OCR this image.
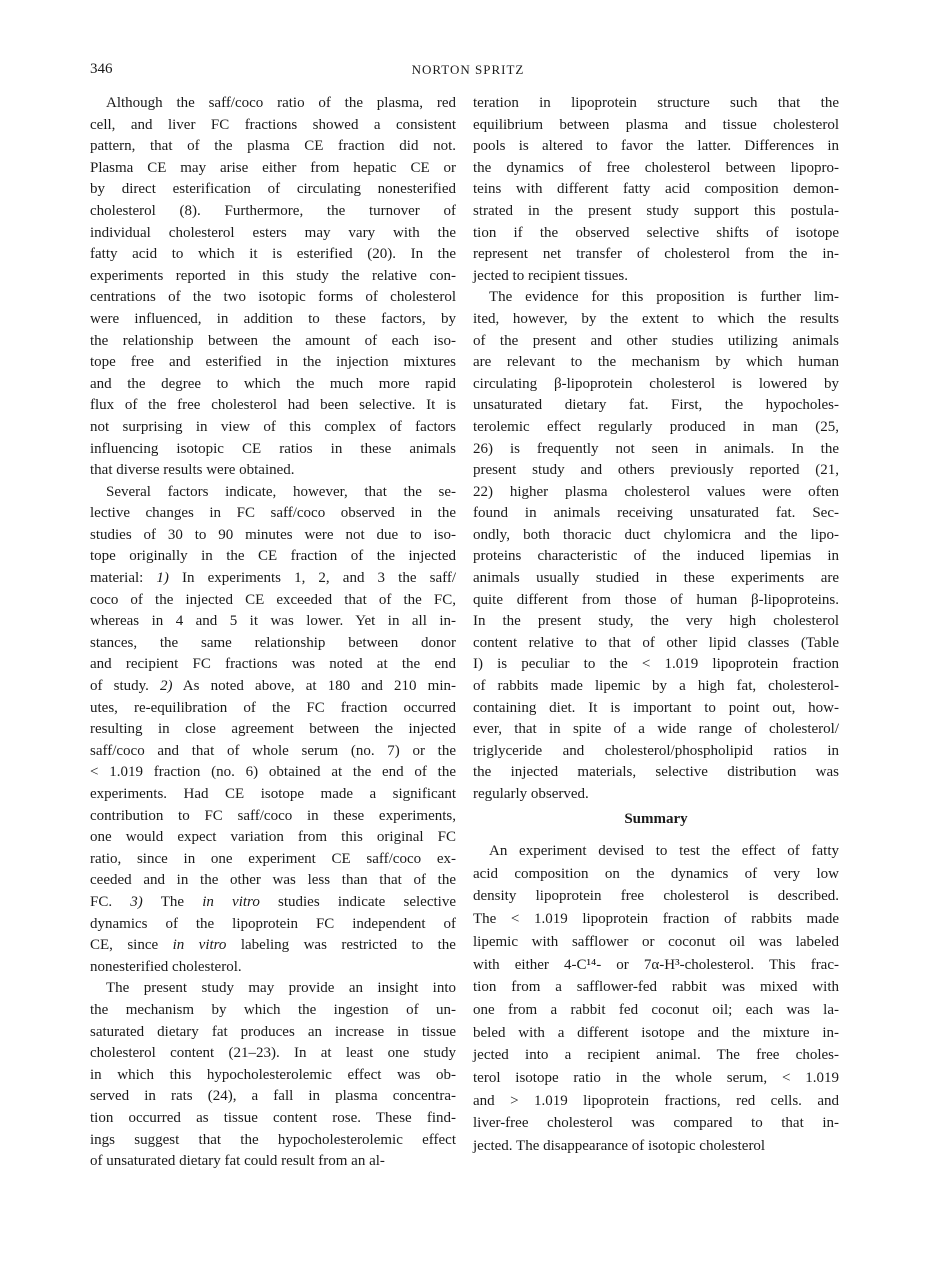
346	NORTON SPRITZ
Although the saff/coco ratio of the plasma, red
cell, and liver FC fractions showed a consistent
pattern, that of the plasma CE fraction did not.
Plasma CE may arise either from hepatic CE or
by direct esterification of circulating nonesterified
cholesterol (8). Furthermore, the turnover of
individual cholesterol esters may vary with the
fatty acid to which it is esterified (20). In the
experiments reported in this study the relative con-
centrations of the two isotopic forms of cholesterol
were influenced, in addition to these factors, by
the relationship between the amount of each iso-
tope free and esterified in the injection mixtures
and the degree to which the much more rapid
flux of the free cholesterol had been selective. It is
not surprising in view of this complex of factors
influencing isotopic CE ratios in these animals
that diverse results were obtained.
Several factors indicate, however, that the se-
lective changes in FC saff/coco observed in the
studies of 30 to 90 minutes were not due to iso-
tope originally in the CE fraction of the injected
material: 1) In experiments 1, 2, and 3 the saff/
coco of the injected CE exceeded that of the FC,
whereas in 4 and 5 it was lower. Yet in all in-
stances, the same relationship between donor
and recipient FC fractions was noted at the end
of study. 2) As noted above, at 180 and 210 min-
utes, re-equilibration of the FC fraction occurred
resulting in close agreement between the injected
saff/coco and that of whole serum (no. 7) or the
< 1.019 fraction (no. 6) obtained at the end of the
experiments. Had CE isotope made a significant
contribution to FC saff/coco in these experiments,
one would expect variation from this original FC
ratio, since in one experiment CE saff/coco ex-
ceeded and in the other was less than that of the
FC. 3) The in vitro studies indicate selective
dynamics of the lipoprotein FC independent of
CE, since in vitro labeling was restricted to the
nonesterified cholesterol.
The present study may provide an insight into
the mechanism by which the ingestion of un-
saturated dietary fat produces an increase in tissue
cholesterol content (21–23). In at least one study
in which this hypocholesterolemic effect was ob-
served in rats (24), a fall in plasma concentra-
tion occurred as tissue content rose. These find-
ings suggest that the hypocholesterolemic effect
of unsaturated dietary fat could result from an al-
teration in lipoprotein structure such that the
equilibrium between plasma and tissue cholesterol
pools is altered to favor the latter. Differences in
the dynamics of free cholesterol between lipopro-
teins with different fatty acid composition demon-
strated in the present study support this postula-
tion if the observed selective shifts of isotope
represent net transfer of cholesterol from the in-
jected to recipient tissues.
The evidence for this proposition is further lim-
ited, however, by the extent to which the results
of the present and other studies utilizing animals
are relevant to the mechanism by which human
circulating β-lipoprotein cholesterol is lowered by
unsaturated dietary fat. First, the hypocholes-
terolemic effect regularly produced in man (25,
26) is frequently not seen in animals. In the
present study and others previously reported (21,
22) higher plasma cholesterol values were often
found in animals receiving unsaturated fat. Sec-
ondly, both thoracic duct chylomicra and the lipo-
proteins characteristic of the induced lipemias in
animals usually studied in these experiments are
quite different from those of human β-lipoproteins.
In the present study, the very high cholesterol
content relative to that of other lipid classes (Table
I) is peculiar to the < 1.019 lipoprotein fraction
of rabbits made lipemic by a high fat, cholesterol-
containing diet. It is important to point out, how-
ever, that in spite of a wide range of cholesterol/
triglyceride and cholesterol/phospholipid ratios in
the injected materials, selective distribution was
regularly observed.
Summary
An experiment devised to test the effect of fatty
acid composition on the dynamics of very low
density lipoprotein free cholesterol is described.
The < 1.019 lipoprotein fraction of rabbits made
lipemic with safflower or coconut oil was labeled
with either 4-C¹⁴- or 7α-H³-cholesterol. This frac-
tion from a safflower-fed rabbit was mixed with
one from a rabbit fed coconut oil; each was la-
beled with a different isotope and the mixture in-
jected into a recipient animal. The free choles-
terol isotope ratio in the whole serum, < 1.019
and > 1.019 lipoprotein fractions, red cells. and
liver-free cholesterol was compared to that in-
jected. The disappearance of isotopic cholesterol
